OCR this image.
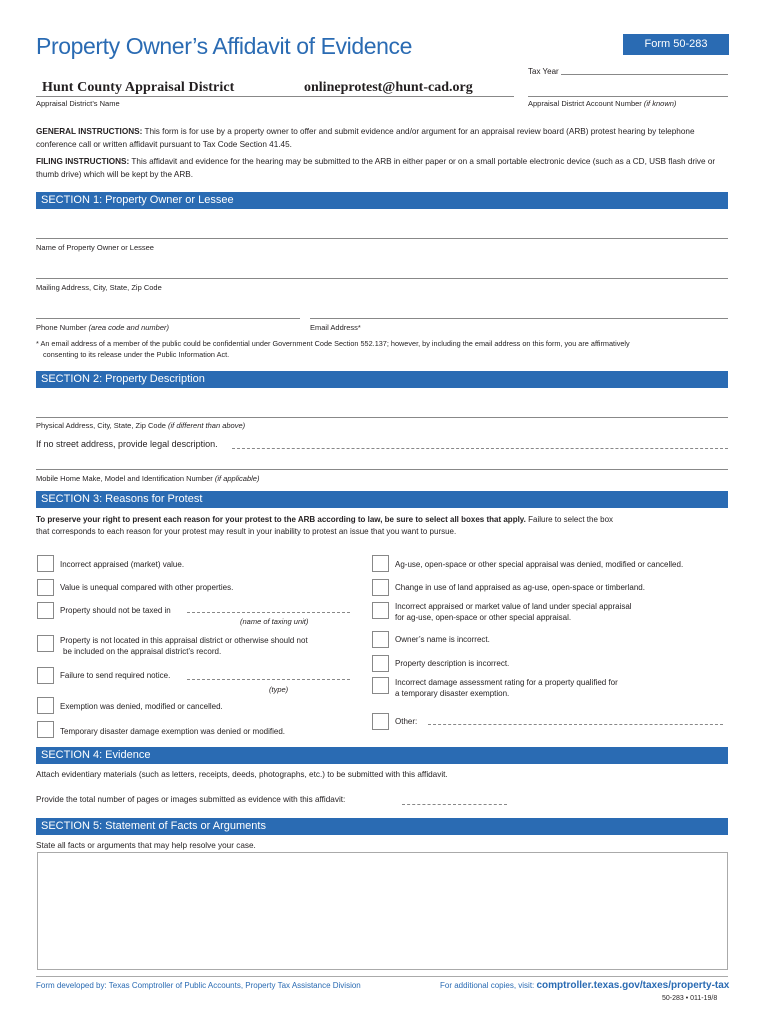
Property Owner’s Affidavit of Evidence	Form 50-283
Tax Year
Hunt County Appraisal District	onlineprotest@hunt-cad.org
Appraisal District’s Name	Appraisal District Account Number (if known)
GENERAL INSTRUCTIONS: This form is for use by a property owner to offer and submit evidence and/or argument for an appraisal review board (ARB) protest hearing by telephone conference call or written affidavit pursuant to Tax Code Section 41.45.
FILING INSTRUCTIONS: This affidavit and evidence for the hearing may be submitted to the ARB in either paper or on a small portable electronic device (such as a CD, USB flash drive or thumb drive) which will be kept by the ARB.
SECTION 1: Property Owner or Lessee
Name of Property Owner or Lessee
Mailing Address, City, State, Zip Code
Phone Number (area code and number)	Email Address*
* An email address of a member of the public could be confidential under Government Code Section 552.137; however, by including the email address on this form, you are affirmatively
consenting to its release under the Public Information Act.
SECTION 2: Property Description
Physical Address, City, State, Zip Code (if different than above)
If no street address, provide legal description.
Mobile Home Make, Model and Identification Number (if applicable)
SECTION 3: Reasons for Protest
To preserve your right to present each reason for your protest to the ARB according to law, be sure to select all boxes that apply. Failure to select the box
that corresponds to each reason for your protest may result in your inability to protest an issue that you want to pursue.
Incorrect appraised (market) value.
Value is unequal compared with other properties.
Property should not be taxed in
(name of taxing unit)
Property is not located in this appraisal district or otherwise should not
be included on the appraisal district’s record.
Failure to send required notice.
(type)
Exemption was denied, modified or cancelled.
Temporary disaster damage exemption was denied or modified.
Ag-use, open-space or other special appraisal was denied, modified or cancelled.
Change in use of land appraised as ag-use, open-space or timberland.
Incorrect appraised or market value of land under special appraisal
for ag-use, open-space or other special appraisal.
Owner’s name is incorrect.
Property description is incorrect.
Incorrect damage assessment rating for a property qualified for
a temporary disaster exemption.
Other:
SECTION 4: Evidence
Attach evidentiary materials (such as letters, receipts, deeds, photographs, etc.) to be submitted with this affidavit.
Provide the total number of pages or images submitted as evidence with this affidavit:
SECTION 5: Statement of Facts or Arguments
State all facts or arguments that may help resolve your case.
Form developed by: Texas Comptroller of Public Accounts, Property Tax Assistance Division	For additional copies, visit: comptroller.texas.gov/taxes/property-tax
50-283 • 011-19/8
